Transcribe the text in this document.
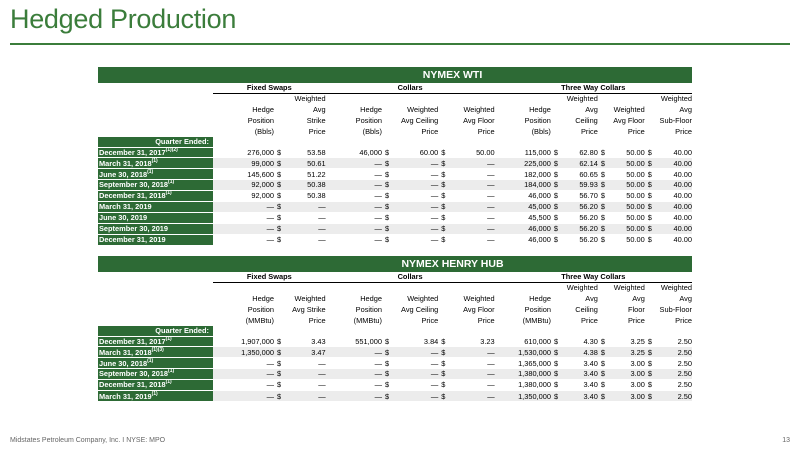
Hedged Production
	NYMEX WTI														
	Fixed Swaps			Collars					Three Way Collars						
		Weighted								Weighted				Weighted	
	Hedge	Avg		Hedge	Weighted		Weighted		Hedge	Avg		Weighted		Avg	
	Position	Strike		Position	Avg Ceiling		Avg Floor		Position	Ceiling		Avg Floor		Sub-Floor	
	(Bbls)	Price		(Bbls)	Price		Price		(Bbls)	Price		Price		Price	
Quarter Ended:															
December 31, $2017^{(1)(2)}$	276,000	$	53.58	46,000	$	60.00	$	50.00	115,000	$	62.80	$	50.00	$	40.00
March 31, 2018$^{(1)}$	99,000	$	50.61	—	$	—	$	—	225,000	$	62.14	$	50.00	$	40.00
June 30, 2018$^{(1)}$	145,600	$	51.22	—	$	—	$	—	182,000	$	60.65	$	50.00	$	40.00
September 30, 2018$^{(1)}$	92,000	$	50.38	—	$	—	$	—	184,000	$	59.93	$	50.00	$	40.00
December 31, 2018$^{(1)}$	92,000	$	50.38	—	$	—	$	—	46,000	$	56.70	$	50.00	$	40.00
March 31, 2019	—	$	—	—	$	—	$	—	45,000	$	56.20	$	50.00	$	40.00
June 30, 2019	—	$	—	—	$	—	$	—	45,500	$	56.20	$	50.00	$	40.00
September 30, 2019	—	$	—	—	$	—	$	—	46,000	$	56.20	$	50.00	$	40.00
December 31, 2019	—	$	—	—	$	—	$	—	46,000	$	56.20	$	50.00	$	40.00
	NYMEX HENRY HUB														
	Fixed Swaps			Collars					Three Way Collars						
										Weighted		Weighted		Weighted	
	Hedge	Weighted		Hedge	Weighted		Weighted		Hedge	Avg		Avg		Avg	
	Position	Avg Strike		Position	Avg Ceiling		Avg Floor		Position	Ceiling		Floor		Sub-Floor	
	(MMBtu)	Price		(MMBtu)	Price		Price		(MMBtu)	Price		Price		Price	
Quarter Ended:															
December 31, 2017$^{(1)}$	1,907,000	$	3.43	551,000	$	3.84	$	3.23	610,000	$	4.30	$	3.25	$	2.50
March 31, $2018^{(1)(3)}$	1,350,000	$	3.47	—	$	—	$	—	1,530,000	$	4.38	$	3.25	$	2.50
June 30, 2018$^{(1)}$	—	$	—	—	$	—	$	—	1,365,000	$	3.40	$	3.00	$	2.50
September 30, 2018$^{(1)}$	—	$	—	—	$	—	$	—	1,380,000	$	3.40	$	3.00	$	2.50
December 31, 2018$^{(1)}$	—	$	—	—	$	—	$	—	1,380,000	$	3.40	$	3.00	$	2.50
March 31, 2019$^{(1)}$	—	$	—	—	$	—	$	—	1,350,000	$	3.40	$	3.00	$	2.50
Midstates Petroleum Company, Inc. I NYSE: MPO	13
